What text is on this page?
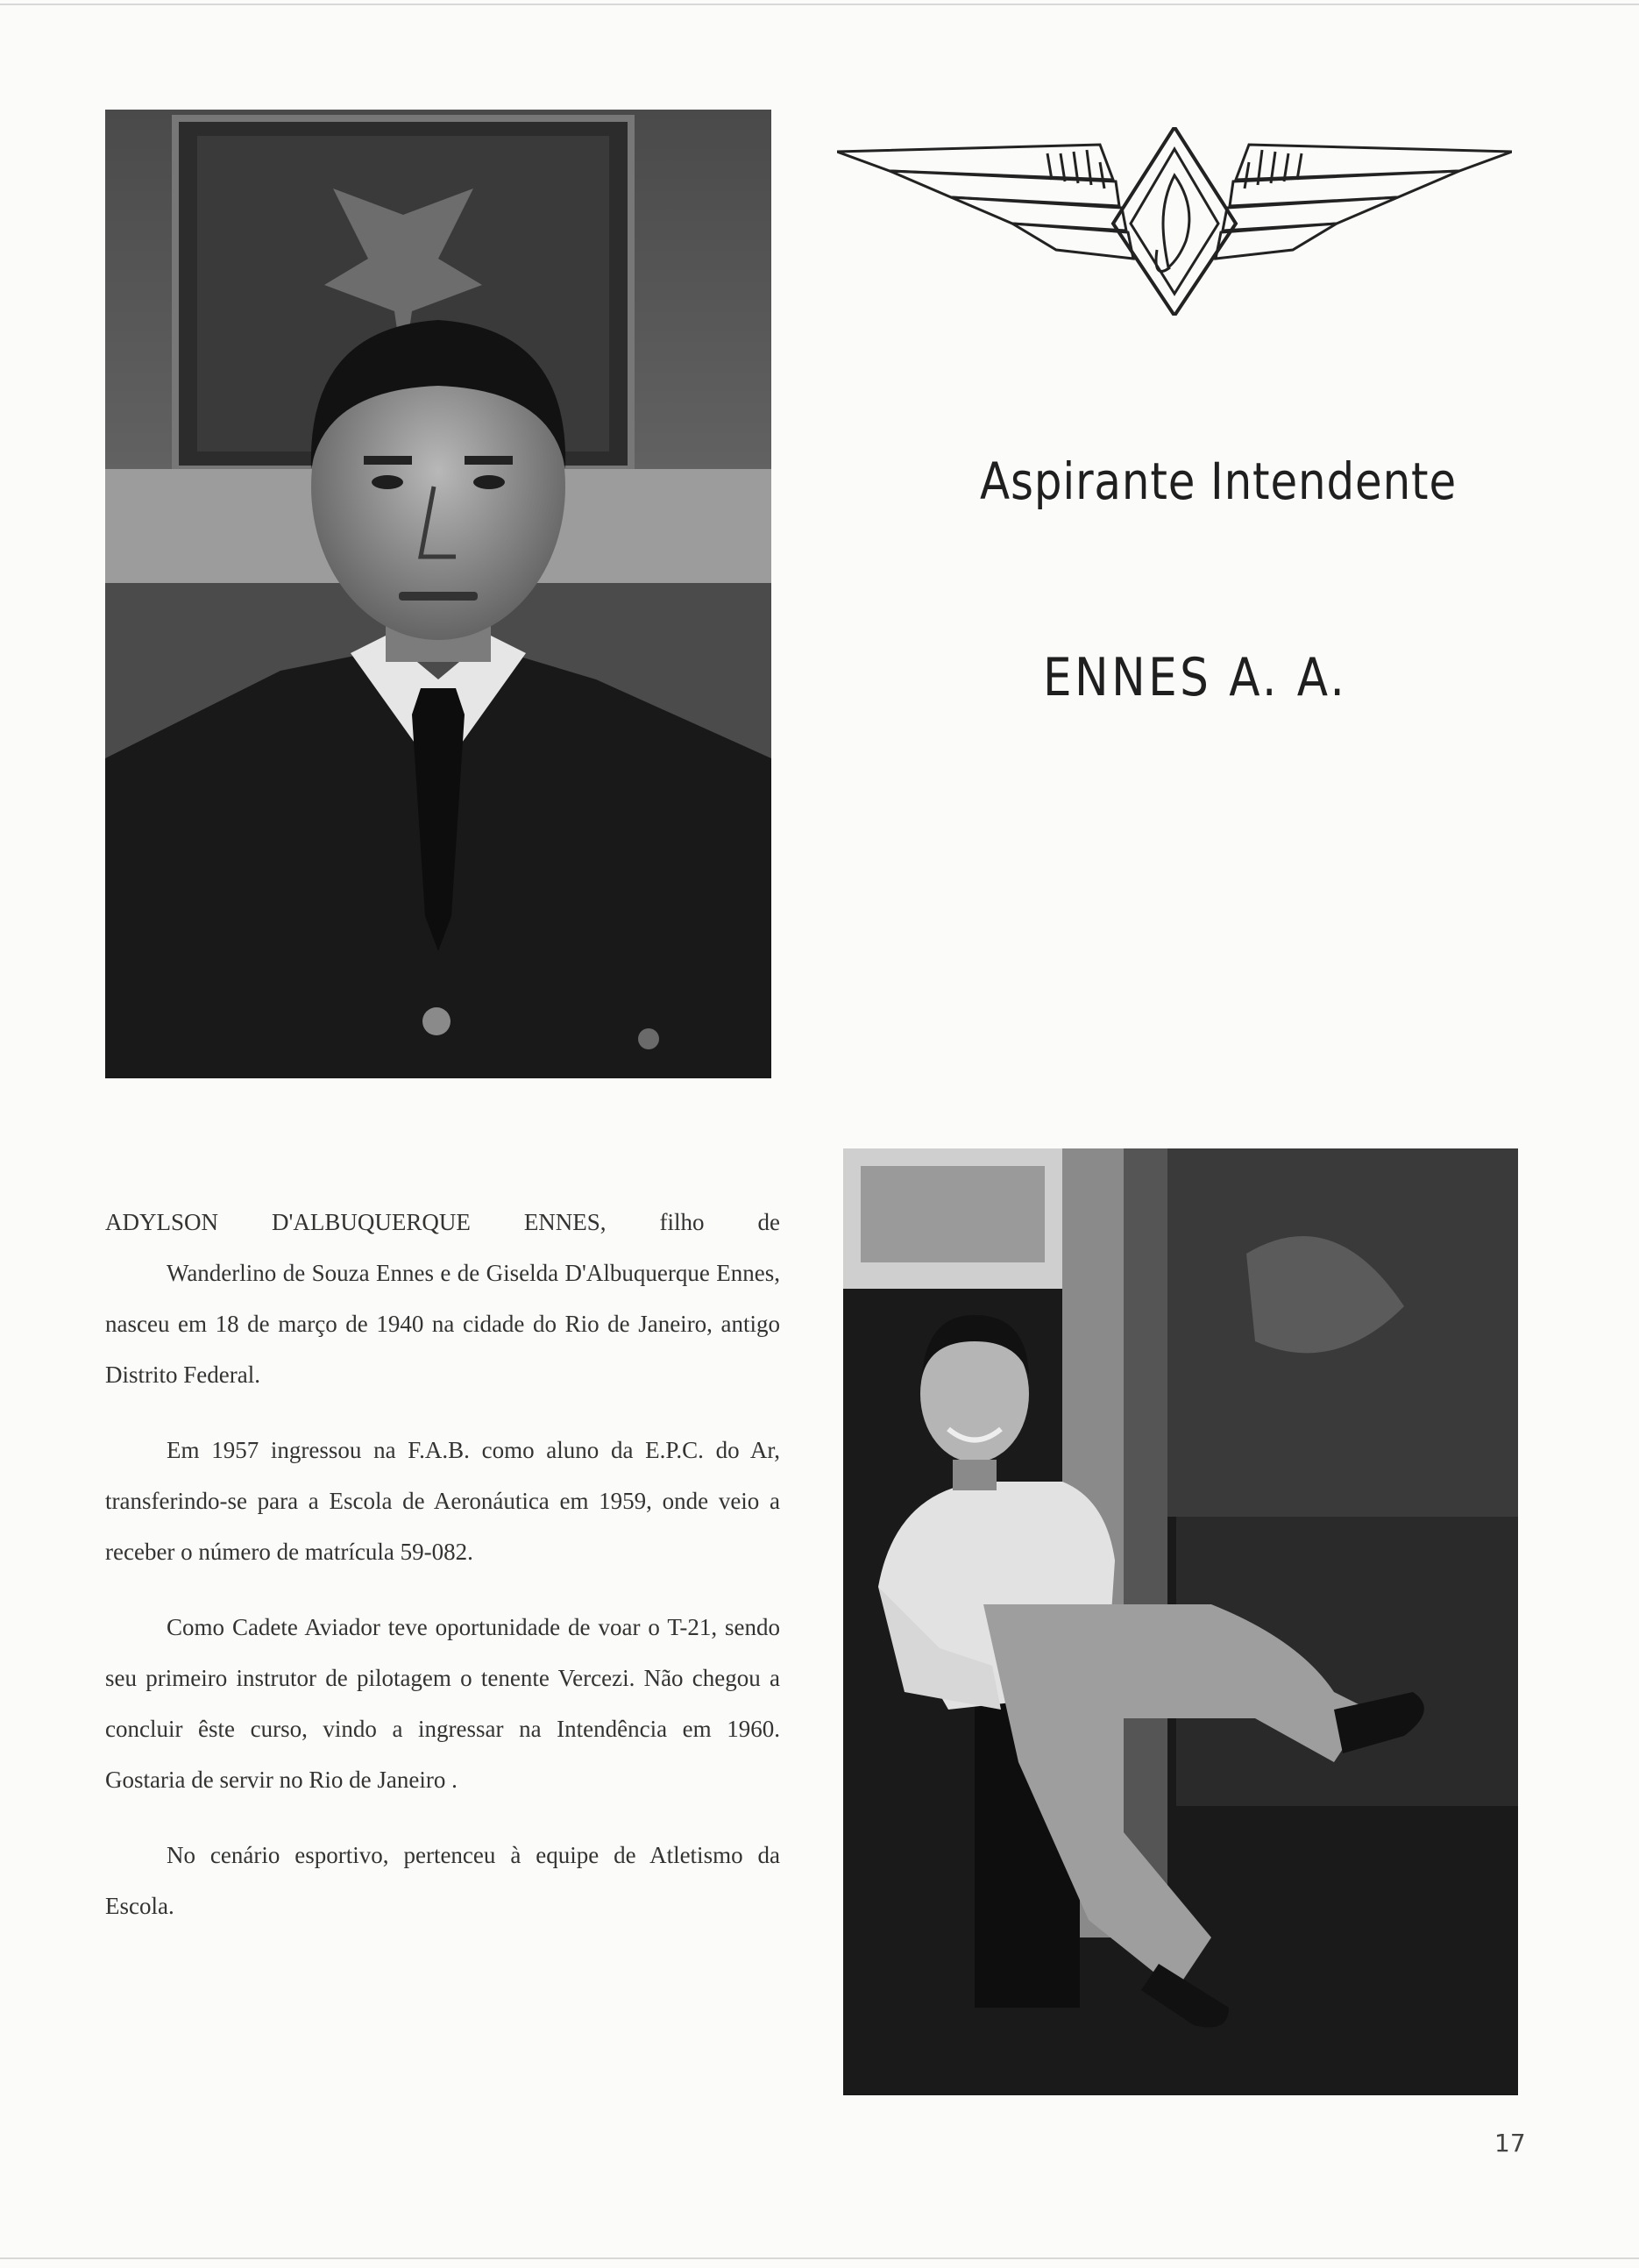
Aspirante Intendente
ENNES A. A.

ADYLSON D'ALBUQUERQUE ENNES, filho de
Wanderlino de Souza Ennes e de Giselda D'Albuquerque Ennes, nasceu em 18 de março de 1940 na cidade do Rio de Janeiro, antigo Distrito Federal.

Em 1957 ingressou na F.A.B. como aluno da E.P.C. do Ar, transferindo-se para a Escola de Aeronáutica em 1959, onde veio a receber o número de matrícula 59-082.

Como Cadete Aviador teve oportunidade de voar o T-21, sendo seu primeiro instrutor de pilotagem o tenente Vercezi. Não chegou a concluir êste curso, vindo a ingressar na Intendência em 1960. Gostaria de servir no Rio de Janeiro .

No cenário esportivo, pertenceu à equipe de Atletismo da Escola.

17
